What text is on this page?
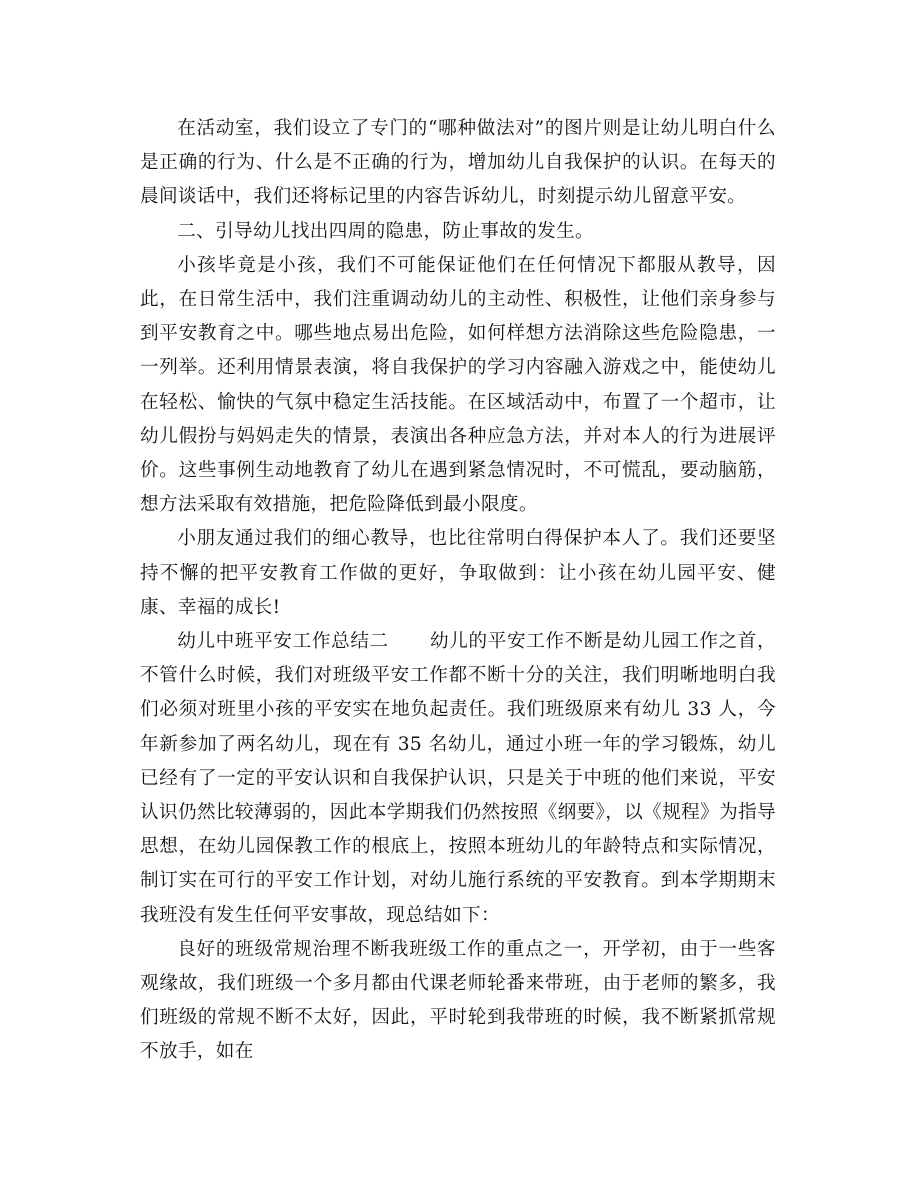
在活动室，我们设立了专门的“哪种做法对”的图片则是让幼儿明白什么是正确的行为、什么是不正确的行为，增加幼儿自我保护的认识。在每天的晨间谈话中，我们还将标记里的内容告诉幼儿，时刻提示幼儿留意平安。

二、引导幼儿找出四周的隐患，防止事故的发生。

小孩毕竟是小孩，我们不可能保证他们在任何情况下都服从教导，因此，在日常生活中，我们注重调动幼儿的主动性、积极性，让他们亲身参与到平安教育之中。哪些地点易出危险，如何样想方法消除这些危险隐患，一一列举。还利用情景表演，将自我保护的学习内容融入游戏之中，能使幼儿在轻松、愉快的气氛中稳定生活技能。在区域活动中，布置了一个超市，让幼儿假扮与妈妈走失的情景，表演出各种应急方法，并对本人的行为进展评价。这些事例生动地教育了幼儿在遇到紧急情况时，不可慌乱，要动脑筋，想方法采取有效措施，把危险降低到最小限度。

小朋友通过我们的细心教导，也比往常明白得保护本人了。我们还要坚持不懈的把平安教育工作做的更好，争取做到：让小孩在幼儿园平安、健康、幸福的成长!

幼儿中班平安工作总结二 幼儿的平安工作不断是幼儿园工作之首，不管什么时候，我们对班级平安工作都不断十分的关注，我们明晰地明白我们必须对班里小孩的平安实在地负起责任。我们班级原来有幼儿 33 人，今年新参加了两名幼儿，现在有 35 名幼儿，通过小班一年的学习锻炼，幼儿已经有了一定的平安认识和自我保护认识，只是关于中班的他们来说，平安认识仍然比较薄弱的，因此本学期我们仍然按照《纲要》，以《规程》为指导思想，在幼儿园保教工作的根底上，按照本班幼儿的年龄特点和实际情况，制订实在可行的平安工作计划，对幼儿施行系统的平安教育。到本学期期末我班没有发生任何平安事故，现总结如下：

良好的班级常规治理不断我班级工作的重点之一，开学初，由于一些客观缘故，我们班级一个多月都由代课老师轮番来带班，由于老师的繁多，我们班级的常规不断不太好，因此，平时轮到我带班的时候，我不断紧抓常规不放手，如在
